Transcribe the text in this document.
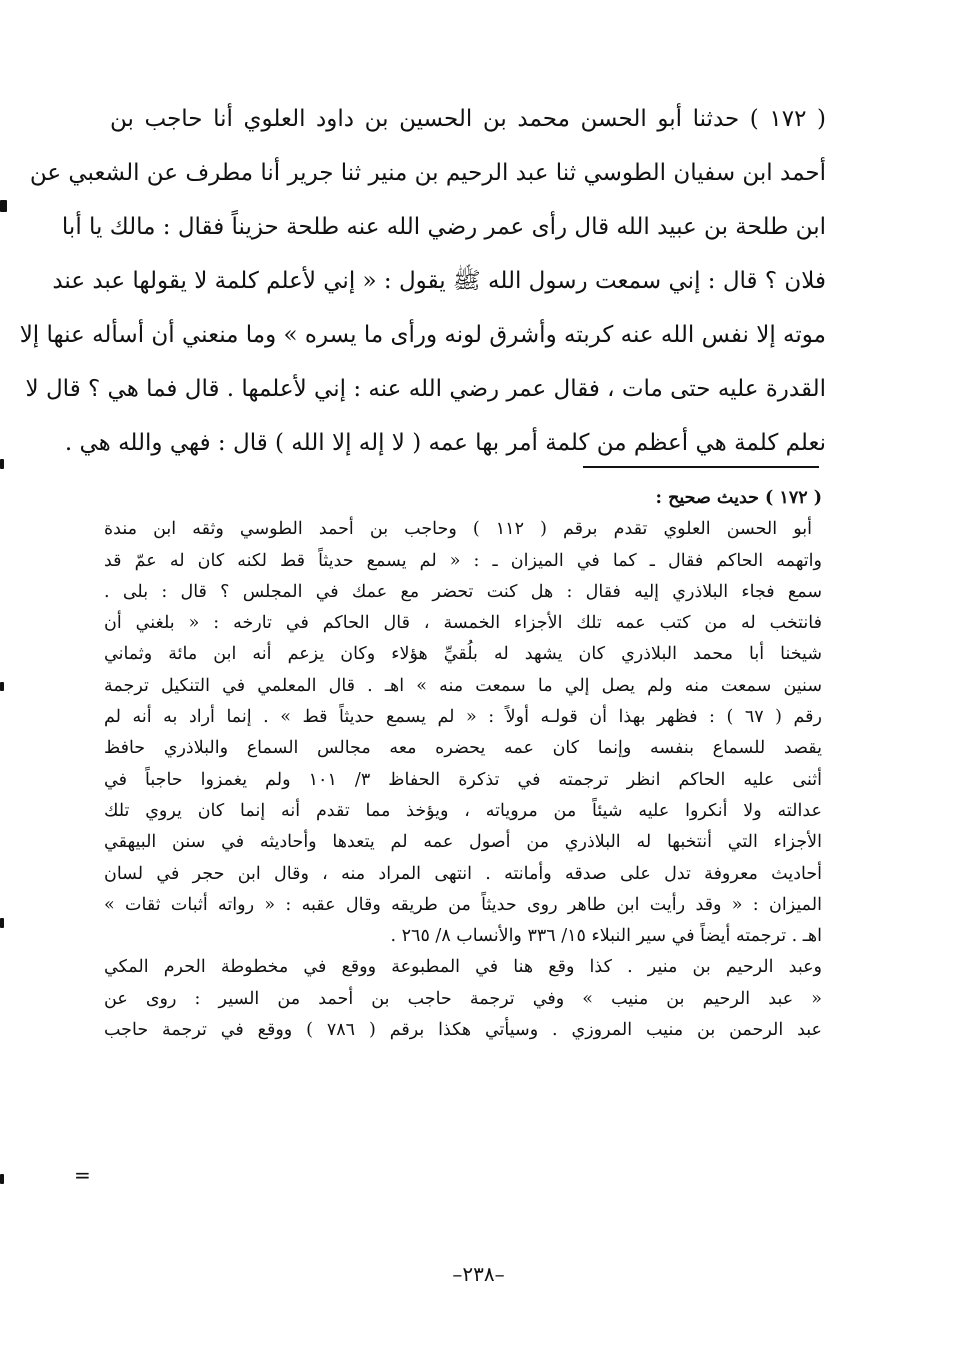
( ١٧٢ ) حدثنا أبو الحسن محمد بن الحسين بن داود العلوي أنا حاجب بن
أحمد ابن سفيان الطوسي ثنا عبد الرحيم بن منير ثنا جرير أنا مطرف عن الشعبي عن
ابن طلحة بن عبيد الله قال رأى عمر رضي الله عنه طلحة حزيناً فقال : مالك يا أبا
فلان ؟ قال : إني سمعت رسول الله ﷺ يقول : « إني لأعلم كلمة لا يقولها عبد عند
موته إلا نفس الله عنه كربته وأشرق لونه ورأى ما يسره » وما منعني أن أسأله عنها إلا
القدرة عليه حتى مات ، فقال عمر رضي الله عنه : إني لأعلمها . قال فما هي ؟ قال لا
نعلم كلمة هي أعظم من كلمة أمر بها عمه ( لا إله إلا الله ) قال : فهي والله هي .
( ١٧٢ ) حديث صحيح :
أبو الحسن العلوي تقدم برقم ( ١١٢ ) وحاجب بن أحمد الطوسي وثقه ابن مندة
واتهمه الحاكم فقال ـ كما في الميزان ـ : « لم يسمع حديثاً قط لكنه كان له عمّ قد
سمع فجاء البلاذري إليه فقال : هل كنت تحضر مع عمك في المجلس ؟ قال : بلى .
فانتخب له من كتب عمه تلك الأجزاء الخمسة ، قال الحاكم في تارخه : « بلغني أن
شيخنا أبا محمد البلاذري كان يشهد له بلُقيِّ هؤلاء وكان يزعم أنه ابن مائة وثماني
سنين سمعت منه ولم يصل إلي ما سمعت منه » اهـ . قال المعلمي في التنكيل ترجمة
رقم ( ٦٧ ) : فظهر بهذا أن قولـه أولاً : « لم يسمع حديثاً قط » . إنما أراد به أنه لم
يقصد للسماع بنفسه وإنما كان عمه يحضره معه مجالس السماع والبلاذري حافظ
أثنى عليه الحاكم انظر ترجمته في تذكرة الحفاظ ٣/ ١٠١ ولم يغمزوا حاجباً في
عدالته ولا أنكروا عليه شيئاً من مروياته ، ويؤخذ مما تقدم أنه إنما كان يروي تلك
الأجزاء التي أنتخبها له البلاذري من أصول عمه لم يتعدها وأحاديثه في سنن البيهقي
أحاديث معروفة تدل على صدقه وأمانته . انتهى المراد منه ، وقال ابن حجر في لسان
الميزان : « وقد رأيت ابن طاهر روى حديثاً من طريقه وقال عقبه : « رواته أثبات ثقات »
اهـ . ترجمته أيضاً في سير النبلاء ١٥/ ٣٣٦ والأنساب ٨/ ٢٦٥ .
وعبد الرحيم بن منير . كذا وقع هنا في المطبوعة ووقع في مخطوطة الحرم المكي
« عبد الرحيم بن منيب » وفي ترجمة حاجب بن أحمد من السير : روى عن
عبد الرحمن بن منيب المروزي . وسيأتي هكذا برقم ( ٧٨٦ ) ووقع في ترجمة حاجب
=
–٢٣٨–
